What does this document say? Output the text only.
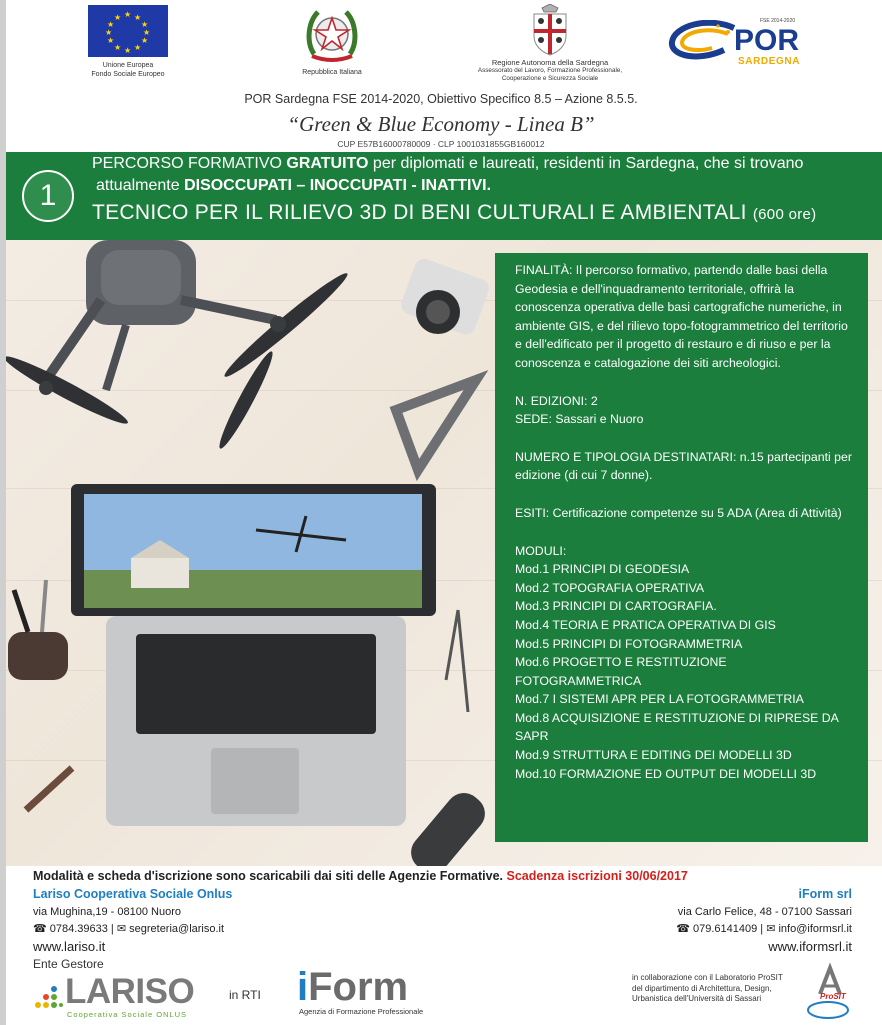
★ ★
★
★
★
★
★
★
★
★
★
★
Unione Europea
Fondo Sociale Europeo	Repubblica Italiana
Regione Autonoma della Sardegna
Assessorato del Lavoro, Formazione Professionale,
Cooperazione e Sicurezza Sociale
FSE 2014-2020
POR
SARDEGNA
POR Sardegna FSE 2014-2020, Obiettivo Specifico 8.5 – Azione 8.5.5.
“Green & Blue Economy - Linea B”
CUP E57B16000780009 · CLP 1001031855GB160012
1
PERCORSO FORMATIVO GRATUITO per diplomati e laureati, residenti in Sardegna, che si trovano
attualmente DISOCCUPATI – INOCCUPATI - INATTIVI.
TECNICO PER IL RILIEVO 3D DI BENI CULTURALI E AMBIENTALI (600 ore)

FINALITÀ: Il percorso formativo, partendo dalle basi della Geodesia e dell'inquadramento territoriale, offrirà la conoscenza operativa delle basi cartografiche numeriche, in ambiente GIS, e del rilievo topo-fotogrammetrico del territorio e dell'edificato per il progetto di restauro e di riuso e per la conoscenza e catalogazione dei siti archeologici.

N. EDIZIONI: 2

SEDE: Sassari e Nuoro

NUMERO E TIPOLOGIA DESTINATARI: n.15 partecipanti per edizione (di cui 7 donne).

ESITI: Certificazione competenze su 5 ADA (Area di Attività)

MODULI:

Mod.1 PRINCIPI DI GEODESIA
Mod.2 TOPOGRAFIA OPERATIVA
Mod.3 PRINCIPI DI CARTOGRAFIA.
Mod.4 TEORIA E PRATICA OPERATIVA DI GIS
Mod.5 PRINCIPI DI FOTOGRAMMETRIA
Mod.6 PROGETTO E RESTITUZIONE FOTOGRAMMETRICA
Mod.7 I SISTEMI APR PER LA FOTOGRAMMETRIA
Mod.8 ACQUISIZIONE E RESTITUZIONE DI RIPRESE DA SAPR
Mod.9 STRUTTURA E EDITING DEI MODELLI 3D
Mod.10 FORMAZIONE ED OUTPUT DEI MODELLI 3D
Modalità e scheda d'iscrizione sono scaricabili dai siti delle Agenzie Formative. Scadenza iscrizioni 30/06/2017
Lariso Cooperativa Sociale Onlus	iForm srl
via Mughina,19 - 08100 Nuoro
☎ 0784.39633 | ✉ segreteria@lariso.it
www.lariso.it
via Carlo Felice, 48 - 07100 Sassari
☎ 079.6141409 | ✉ info@iformsrl.it
www.iformsrl.it
Ente Gestore
LARISO
Cooperativa Sociale ONLUS
in RTI iForm
Agenzia di Formazione Professionale
in collaborazione con il Laboratorio ProSIT
del dipartimento di Architettura, Design,
Urbanistica dell'Università di Sassari	ProSIT
